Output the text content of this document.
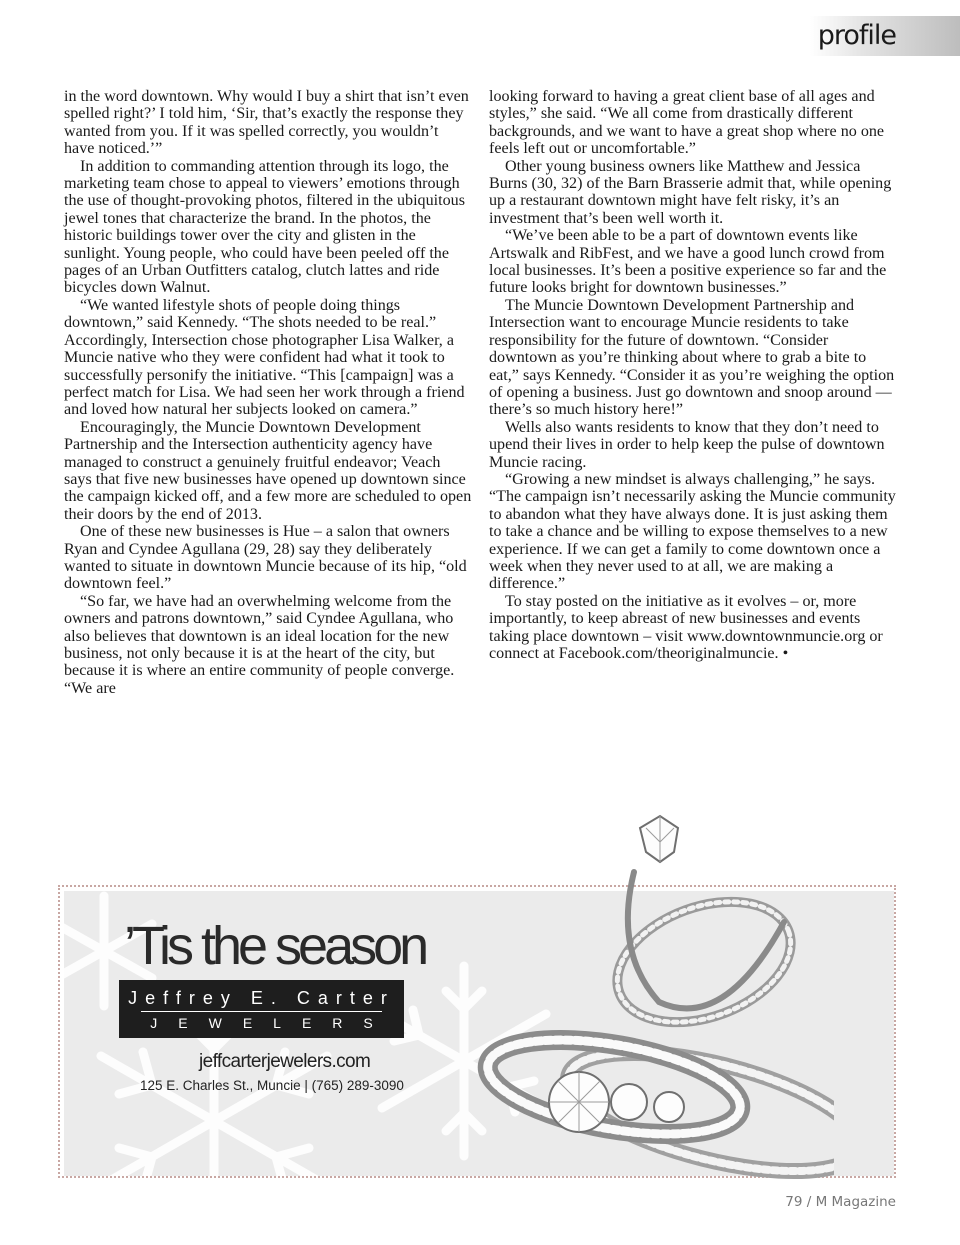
profile

in the word downtown. Why would I buy a shirt that isn’t even spelled right?’ I told him, ‘Sir, that’s exactly the response they wanted from you. If it was spelled correctly, you wouldn’t have noticed.’”

In addition to commanding attention through its logo, the marketing team chose to appeal to viewers’ emotions through the use of thought-provoking photos, filtered in the ubiquitous jewel tones that characterize the brand. In the photos, the historic buildings tower over the city and glisten in the sunlight. Young people, who could have been peeled off the pages of an Urban Outfitters catalog, clutch lattes and ride bicycles down Walnut.

“We wanted lifestyle shots of people doing things downtown,” said Kennedy. “The shots needed to be real.” Accordingly, Intersection chose photographer Lisa Walker, a Muncie native who they were confident had what it took to successfully personify the initiative. “This [campaign] was a perfect match for Lisa. We had seen her work through a friend and loved how natural her subjects looked on camera.”

Encouragingly, the Muncie Downtown Development Partnership and the Intersection authenticity agency have managed to construct a genuinely fruitful endeavor; Veach says that five new businesses have opened up downtown since the campaign kicked off, and a few more are scheduled to open their doors by the end of 2013.

One of these new businesses is Hue – a salon that owners Ryan and Cyndee Agullana (29, 28) say they deliberately wanted to situate in downtown Muncie because of its hip, “old downtown feel.”

“So far, we have had an overwhelming welcome from the owners and patrons downtown,” said Cyndee Agullana, who also believes that downtown is an ideal location for the new business, not only because it is at the heart of the city, but because it is where an entire community of people converge. “We are

looking forward to having a great client base of all ages and styles,” she said. “We all come from drastically different backgrounds, and we want to have a great shop where no one feels left out or uncomfortable.”

Other young business owners like Matthew and Jessica Burns (30, 32) of the Barn Brasserie admit that, while opening up a restaurant downtown might have felt risky, it’s an investment that’s been well worth it.

“We’ve been able to be a part of downtown events like Artswalk and RibFest, and we have a good lunch crowd from local businesses. It’s been a positive experience so far and the future looks bright for downtown businesses.”

The Muncie Downtown Development Partnership and Intersection want to encourage Muncie residents to take responsibility for the future of downtown. “Consider downtown as you’re thinking about where to grab a bite to eat,” says Kennedy. “Consider it as you’re weighing the option of opening a business. Just go downtown and snoop around — there’s so much history here!”

Wells also wants residents to know that they don’t need to upend their lives in order to help keep the pulse of downtown Muncie racing.

“Growing a new mindset is always challenging,” he says. “The campaign isn’t necessarily asking the Muncie community to abandon what they have always done. It is just asking them to take a chance and be willing to expose themselves to a new experience. If we can get a family to come downtown once a week when they never used to at all, we are making a difference.”

To stay posted on the initiative as it evolves – or, more importantly, to keep abreast of new businesses and events taking place downtown – visit www.downtownmuncie.org or connect at Facebook.com/theoriginalmuncie. •

’Tis the season
Jeffrey E. Carter
JEWELERS
jeffcarterjewelers.com
125 E. Charles St., Muncie | (765) 289-3090
79 / M Magazine
